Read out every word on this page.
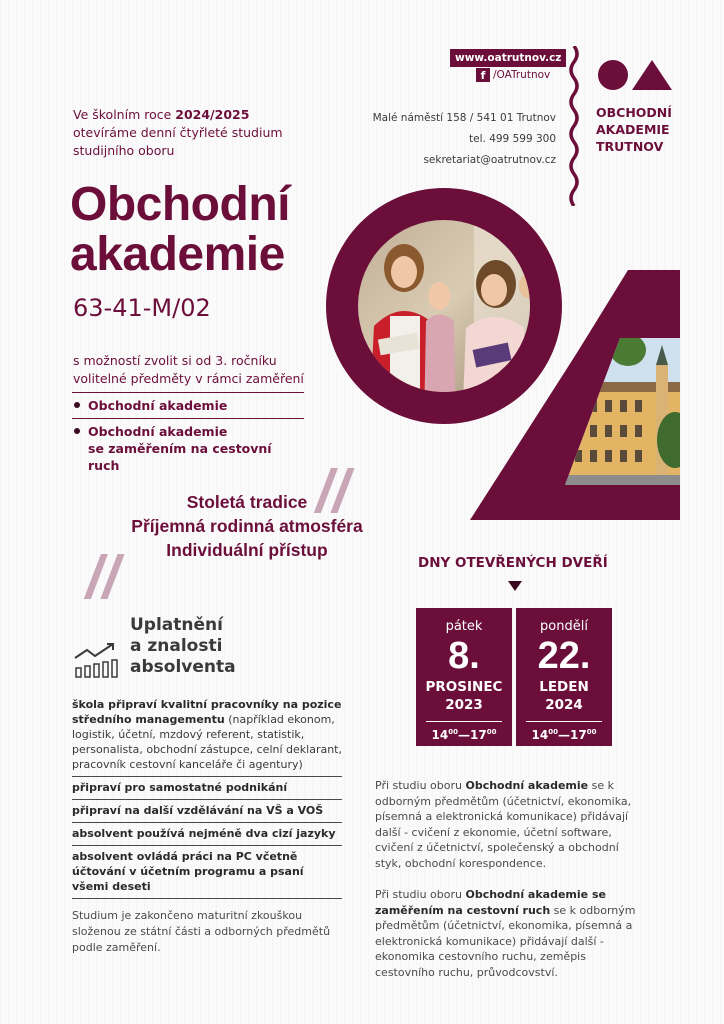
www.oatrutnov.cz
f /OATrutnov
Malé náměstí 158 / 541 01 Trutnov
tel. 499 599 300
sekretariat@oatrutnov.cz
OBCHODNÍ
AKADEMIE
TRUTNOV
Ve školním roce 2024/2025
otevíráme denní čtyřleté studium
studijního oboru
Obchodní
akademie
63-41-M/02
s možností zvolit si od 3. ročníku
volitelné předměty v rámci zaměření
Obchodní akademie
Obchodní akademie
se zaměřením na cestovní ruch	//
//
Stoletá tradice
Příjemná rodinná atmosféra
Individuální přístup
DNY OTEVŘENÝCH DVEŘÍ
pátek
8.
PROSINEC
2023
$14^{00}—17^{00}$
pondělí
22.
LEDEN
2024
$14^{00}—17^{00}$
Uplatnění
a znalosti
absolventa
škola připraví kvalitní pracovníky na pozice středního managementu (například ekonom, logistik, účetní, mzdový referent, statistik, personalista, obchodní zástupce, celní deklarant, pracovník cestovní kanceláře či agentury)
připraví pro samostatné podnikání
připraví na další vzdělávání na VŠ a VOŠ
absolvent používá nejméně dva cizí jazyky
absolvent ovládá práci na PC včetně účtování v účetním programu a psaní všemi deseti
Studium je zakončeno maturitní zkouškou složenou ze státní části a odborných předmětů podle zaměření.

Při studiu oboru Obchodní akademie se k odborným předmětům (účetnictví, ekonomika, písemná a elektronická komunikace) přidávají další - cvičení z ekonomie, účetní software, cvičení z účetnictví, společenský a obchodní styk, obchodní korespondence.

Při studiu oboru Obchodní akademie se zaměřením na cestovní ruch se k odborným předmětům (účetnictví, ekonomika, písemná a elektronická komunikace) přidávají další - ekonomika cestovního ruchu, zeměpis cestovního ruchu, průvodcovství.
